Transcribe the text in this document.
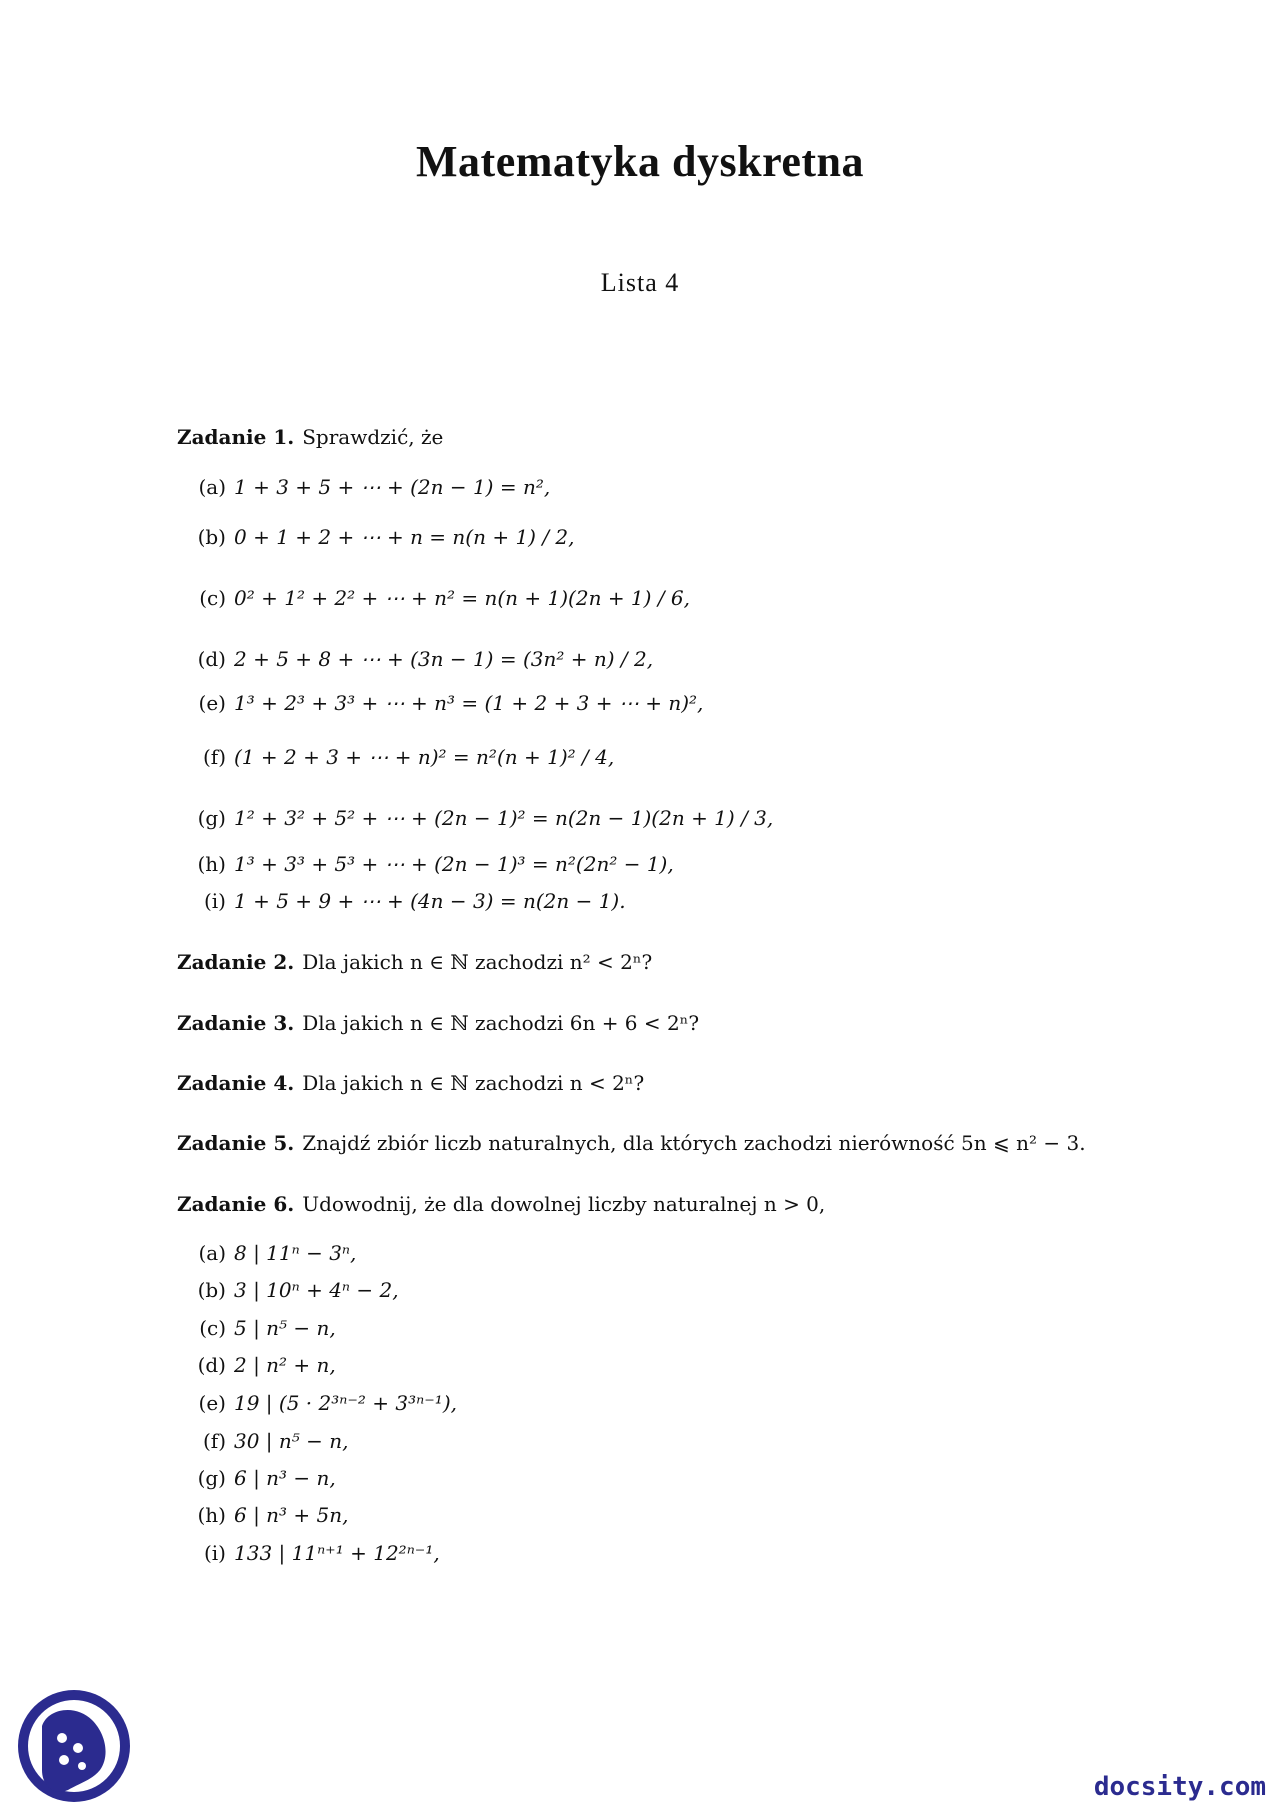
Matematyka dyskretna
Lista 4
Zadanie 1. Sprawdzić, że
(a) 1 + 3 + 5 + ⋯ + (2n − 1) = n²,
(b) 0 + 1 + 2 + ⋯ + n = n(n + 1) / 2,
(c) 0² + 1² + 2² + ⋯ + n² = n(n + 1)(2n + 1) / 6,
(d) 2 + 5 + 8 + ⋯ + (3n − 1) = (3n² + n) / 2,
(e) 1³ + 2³ + 3³ + ⋯ + n³ = (1 + 2 + 3 + ⋯ + n)²,
(f) (1 + 2 + 3 + ⋯ + n)² = n²(n + 1)² / 4,
(g) 1² + 3² + 5² + ⋯ + (2n − 1)² = n(2n − 1)(2n + 1) / 3,
(h) 1³ + 3³ + 5³ + ⋯ + (2n − 1)³ = n²(2n² − 1),
(i) 1 + 5 + 9 + ⋯ + (4n − 3) = n(2n − 1).
Zadanie 2. Dla jakich n ∈ ℕ zachodzi n² < 2ⁿ?
Zadanie 3. Dla jakich n ∈ ℕ zachodzi 6n + 6 < 2ⁿ?
Zadanie 4. Dla jakich n ∈ ℕ zachodzi n < 2ⁿ?
Zadanie 5. Znajdź zbiór liczb naturalnych, dla których zachodzi nierówność 5n ⩽ n² − 3.
Zadanie 6. Udowodnij, że dla dowolnej liczby naturalnej n > 0,
(a) 8 | 11ⁿ − 3ⁿ,
(b) 3 | 10ⁿ + 4ⁿ − 2,
(c) 5 | n⁵ − n,
(d) 2 | n² + n,
(e) 19 | (5 · 2³ⁿ⁻² + 3³ⁿ⁻¹),
(f) 30 | n⁵ − n,
(g) 6 | n³ − n,
(h) 6 | n³ + 5n,
(i) 133 | 11ⁿ⁺¹ + 12²ⁿ⁻¹,
docsity.com
